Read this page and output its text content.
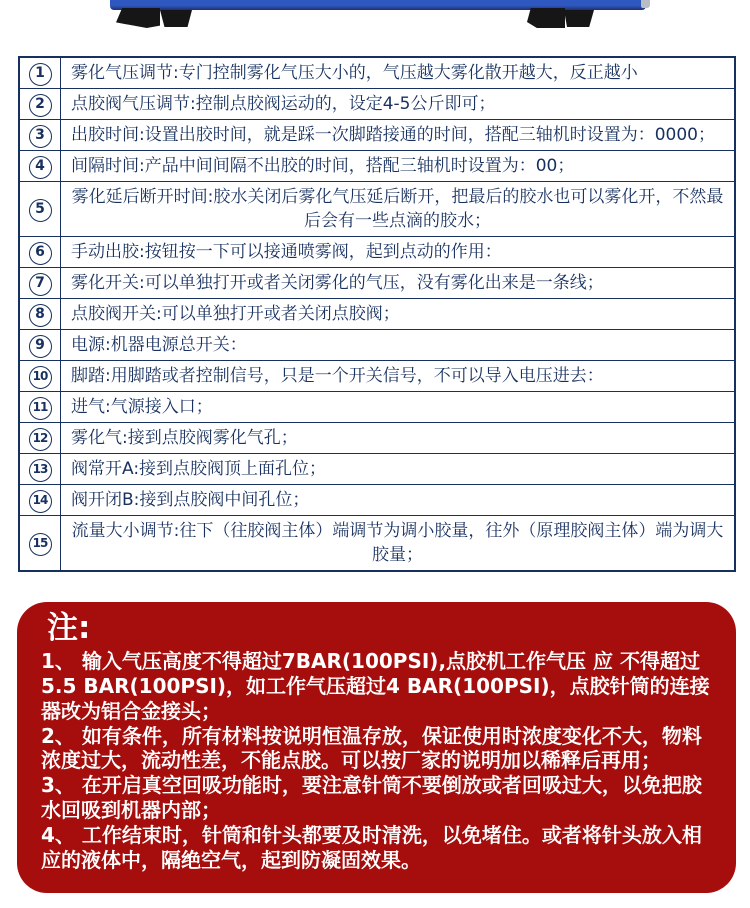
1	雾化气压调节:专门控制雾化气压大小的，气压越大雾化散开越大，反正越小
2	点胶阀气压调节:控制点胶阀运动的，设定4-5公斤即可；
3	出胶时间:设置出胶时间，就是踩一次脚踏接通的时间，搭配三轴机时设置为：0000；
4	间隔时间:产品中间间隔不出胶的时间，搭配三轴机时设置为：00；
5	雾化延后断开时间:胶水关闭后雾化气压延后断开，把最后的胶水也可以雾化开，不然最后会有一些点滴的胶水；
6	手动出胶:按钮按一下可以接通喷雾阀，起到点动的作用：
7	雾化开关:可以单独打开或者关闭雾化的气压，没有雾化出来是一条线；
8	点胶阀开关:可以单独打开或者关闭点胶阀；
9	电源:机器电源总开关：
10	脚踏:用脚踏或者控制信号，只是一个开关信号，不可以导入电压进去：
11	进气:气源接入口；
12	雾化气:接到点胶阀雾化气孔；
13	阀常开A:接到点胶阀顶上面孔位；
14	阀开闭B:接到点胶阀中间孔位；
15	流量大小调节:往下（往胶阀主体）端调节为调小胶量，往外（原理胶阀主体）端为调大胶量；
注:

1、 输入气压高度不得超过7BAR(100PSI),点胶机工作气压 应 不得超过5.5 BAR(100PSI)，如工作气压超过4 BAR(100PSI)，点胶针筒的连接器改为铝合金接头；

2、 如有条件，所有材料按说明恒温存放，保证使用时浓度变化不大，物料浓度过大，流动性差，不能点胶。可以按厂家的说明加以稀释后再用；

3、 在开启真空回吸功能时，要注意针筒不要倒放或者回吸过大，以免把胶水回吸到机器内部；

4、 工作结束时，针筒和针头都要及时清洗，以免堵住。或者将针头放入相应的液体中，隔绝空气，起到防凝固效果。
